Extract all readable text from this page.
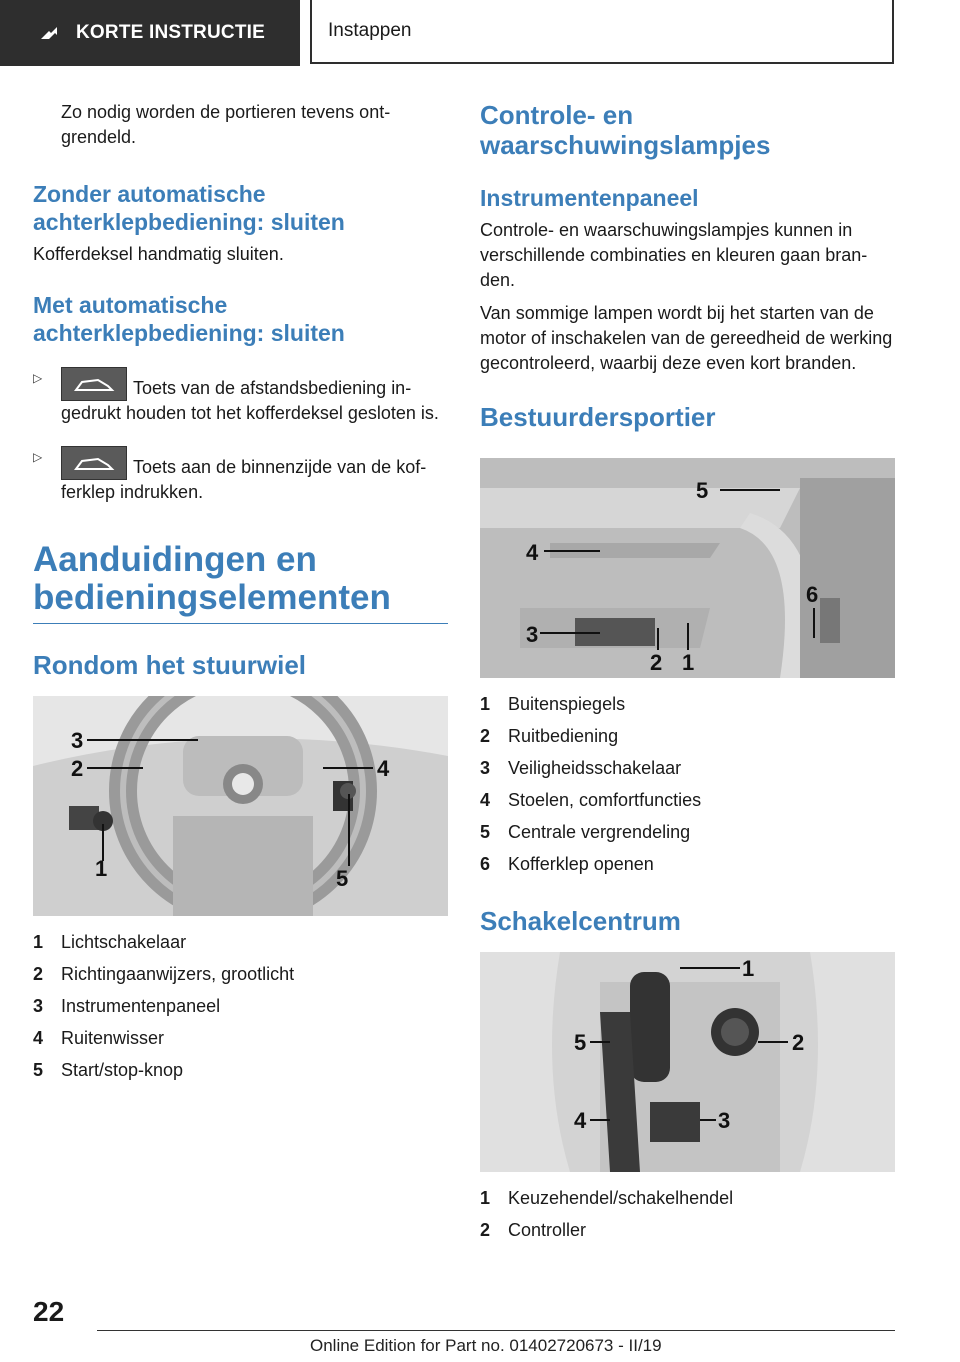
KORTE INSTRUCTIE	Instappen

Zo nodig worden de portieren tevens ont-grendeld.

Zonder automatische achterklepbediening: sluiten

Kofferdeksel handmatig sluiten.

Met automatische achterklepbediening: sluiten
▷	Toets van de afstandsbediening in-gedrukt houden tot het kofferdeksel gesloten is.

▷	Toets aan de binnenzijde van de kof-ferklep indrukken.

Aanduidingen en bedieningselementen
Rondom het stuurwiel
1
2
3
4
5
1 Lichtschakelaar
2 Richtingaanwijzers, grootlicht
3 Instrumentenpaneel
4 Ruitenwisser
5 Start/stop-knop
Controle- en waarschuwingslampjes
Instrumentenpaneel

Controle- en waarschuwingslampjes kunnen in verschillende combinaties en kleuren gaan bran-den.

Van sommige lampen wordt bij het starten van de motor of inschakelen van de gereedheid de werking gecontroleerd, waarbij deze even kort branden.

Bestuurdersportier
1
2
3
4
5
6
1 Buitenspiegels
2 Ruitbediening
3 Veiligheidsschakelaar
4 Stoelen, comfortfuncties
5 Centrale vergrendeling
6 Kofferklep openen
Schakelcentrum
1
2
3
4
5
1 Keuzehendel/schakelhendel
2 Controller
22
Online Edition for Part no. 01402720673 - II/19
